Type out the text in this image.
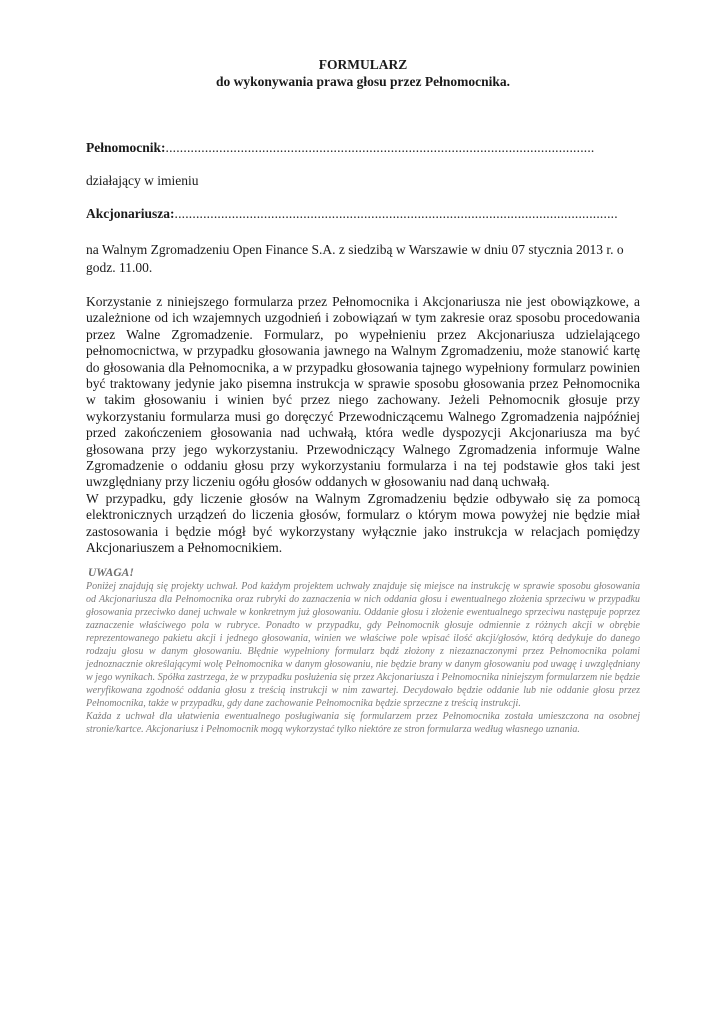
FORMULARZ

do wykonywania prawa głosu przez Pełnomocnika.

Pełnomocnik:........................................................................................................................

działający w imieniu

Akcjonariusza:............................................................................................................................

na Walnym Zgromadzeniu Open Finance S.A. z siedzibą w Warszawie w dniu 07 stycznia 2013 r. o godz. 11.00.

Korzystanie z niniejszego formularza przez Pełnomocnika i Akcjonariusza nie jest obowiązkowe, a uzależnione od ich wzajemnych uzgodnień i zobowiązań w tym zakresie oraz sposobu procedowania przez Walne Zgromadzenie. Formularz, po wypełnieniu przez Akcjonariusza udzielającego pełnomocnictwa, w przypadku głosowania jawnego na Walnym Zgromadzeniu, może stanowić kartę do głosowania dla Pełnomocnika, a w przypadku głosowania tajnego wypełniony formularz powinien być traktowany jedynie jako pisemna instrukcja w sprawie sposobu głosowania przez Pełnomocnika w takim głosowaniu i winien być przez niego zachowany. Jeżeli Pełnomocnik głosuje przy wykorzystaniu formularza musi go doręczyć Przewodniczącemu Walnego Zgromadzenia najpóźniej przed zakończeniem głosowania nad uchwałą, która wedle dyspozycji Akcjonariusza ma być głosowana przy jego wykorzystaniu. Przewodniczący Walnego Zgromadzenia informuje Walne Zgromadzenie o oddaniu głosu przy wykorzystaniu formularza i na tej podstawie głos taki jest uwzględniany przy liczeniu ogółu głosów oddanych w głosowaniu nad daną uchwałą.

W przypadku, gdy liczenie głosów na Walnym Zgromadzeniu będzie odbywało się za pomocą elektronicznych urządzeń do liczenia głosów, formularz o którym mowa powyżej nie będzie miał zastosowania i będzie mógł być wykorzystany wyłącznie jako instrukcja w relacjach pomiędzy Akcjonariuszem a Pełnomocnikiem.

UWAGA!

Poniżej znajdują się projekty uchwał. Pod każdym projektem uchwały znajduje się miejsce na instrukcję w sprawie sposobu głosowania od Akcjonariusza dla Pełnomocnika oraz rubryki do zaznaczenia w nich oddania głosu i ewentualnego złożenia sprzeciwu w przypadku głosowania przeciwko danej uchwale w konkretnym już głosowaniu. Oddanie głosu i złożenie ewentualnego sprzeciwu następuje poprzez zaznaczenie właściwego pola w rubryce. Ponadto w przypadku, gdy Pełnomocnik głosuje odmiennie z różnych akcji w obrębie reprezentowanego pakietu akcji i jednego głosowania, winien we właściwe pole wpisać ilość akcji/głosów, którą dedykuje do danego rodzaju głosu w danym głosowaniu. Błędnie wypełniony formularz bądź złożony z niezaznaczonymi przez Pełnomocnika polami jednoznacznie określającymi wolę Pełnomocnika w danym głosowaniu, nie będzie brany w danym głosowaniu pod uwagę i uwzględniany w jego wynikach. Spółka zastrzega, że w przypadku posłużenia się przez Akcjonariusza i Pełnomocnika niniejszym formularzem nie będzie weryfikowana zgodność oddania głosu z treścią instrukcji w nim zawartej. Decydowało będzie oddanie lub nie oddanie głosu przez Pełnomocnika, także w przypadku, gdy dane zachowanie Pełnomocnika będzie sprzeczne z treścią instrukcji.

Każda z uchwał dla ułatwienia ewentualnego posługiwania się formularzem przez Pełnomocnika została umieszczona na osobnej stronie/kartce. Akcjonariusz i Pełnomocnik mogą wykorzystać tylko niektóre ze stron formularza według własnego uznania.
